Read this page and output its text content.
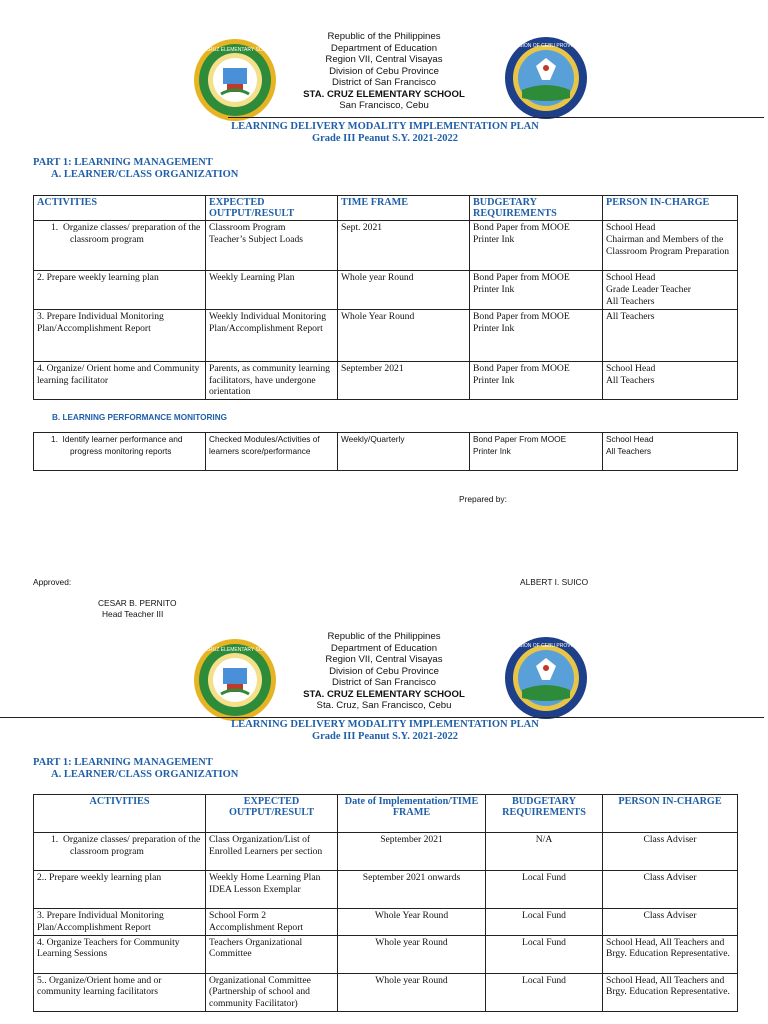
STA. CRUZ ELEMENTARY SCHOOL
Republic of the Philippines
Department of Education
Region VII, Central Visayas
Division of Cebu Province
District of San Francisco
STA. CRUZ ELEMENTARY SCHOOL
San Francisco, Cebu
DIVISION OF CEBU PROVINCE
LEARNING DELIVERY MODALITY IMPLEMENTATION PLAN
Grade III Peanut S.Y. 2021-2022
PART 1: LEARNING MANAGEMENT
A. LEARNER/CLASS ORGANIZATION
ACTIVITIES	EXPECTED OUTPUT/RESULT	TIME FRAME	BUDGETARY REQUIREMENTS	PERSON IN-CHARGE

1. Organize classes/ preparation of the classroom program	Classroom Program
Teacher’s Subject Loads	Sept. 2021	Bond Paper from MOOE
Printer Ink	School Head
Chairman and Members of the Classroom Program Preparation
2. Prepare weekly learning plan	Weekly Learning Plan	Whole year Round	Bond Paper from MOOE
Printer Ink	School Head
Grade Leader Teacher
All Teachers
3. Prepare Individual Monitoring Plan/Accomplishment Report	Weekly Individual Monitoring Plan/Accomplishment Report	Whole Year Round	Bond Paper from MOOE
Printer Ink	All Teachers
4. Organize/ Orient home and Community learning facilitator	Parents, as community learning facilitators, have undergone orientation	September 2021	Bond Paper from MOOE
Printer Ink	School Head
All Teachers
B. LEARNING PERFORMANCE MONITORING
1. Identify learner performance and progress monitoring reports
	Checked Modules/Activities of learners score/performance	Weekly/Quarterly	Bond Paper From MOOE
Printer Ink	School Head
All Teachers
Prepared by:
Approved:	ALBERT I. SUICO
CESAR B. PERNITO
Head Teacher III
STA. CRUZ ELEMENTARY SCHOOL
Republic of the Philippines
Department of Education
Region VII, Central Visayas
Division of Cebu Province
District of San Francisco
STA. CRUZ ELEMENTARY SCHOOL
Sta. Cruz, San Francisco, Cebu
DIVISION OF CEBU PROVINCE
LEARNING DELIVERY MODALITY IMPLEMENTATION PLAN
Grade III Peanut S.Y. 2021-2022
PART 1: LEARNING MANAGEMENT
A. LEARNER/CLASS ORGANIZATION
ACTIVITIES	EXPECTED OUTPUT/RESULT	Date of Implementation/TIME FRAME	BUDGETARY REQUIREMENTS	PERSON IN-CHARGE

1. Organize classes/ preparation of the classroom program	Class Organization/List of Enrolled Learners per section	September 2021	N/A	Class Adviser
2.. Prepare weekly learning plan	Weekly Home Learning Plan
IDEA Lesson Exemplar	September 2021 onwards	Local Fund	Class Adviser
3. Prepare Individual Monitoring Plan/Accomplishment Report	School Form 2
Accomplishment Report	Whole Year Round	Local Fund	Class Adviser
4. Organize Teachers for Community Learning Sessions	Teachers Organizational Committee	Whole year Round	Local Fund	School Head, All Teachers and Brgy. Education Representative.
5.. Organize/Orient home and or community learning facilitators	Organizational Committee (Partnership of school and community Facilitator)	Whole year Round	Local Fund	School Head, All Teachers and Brgy. Education Representative.
